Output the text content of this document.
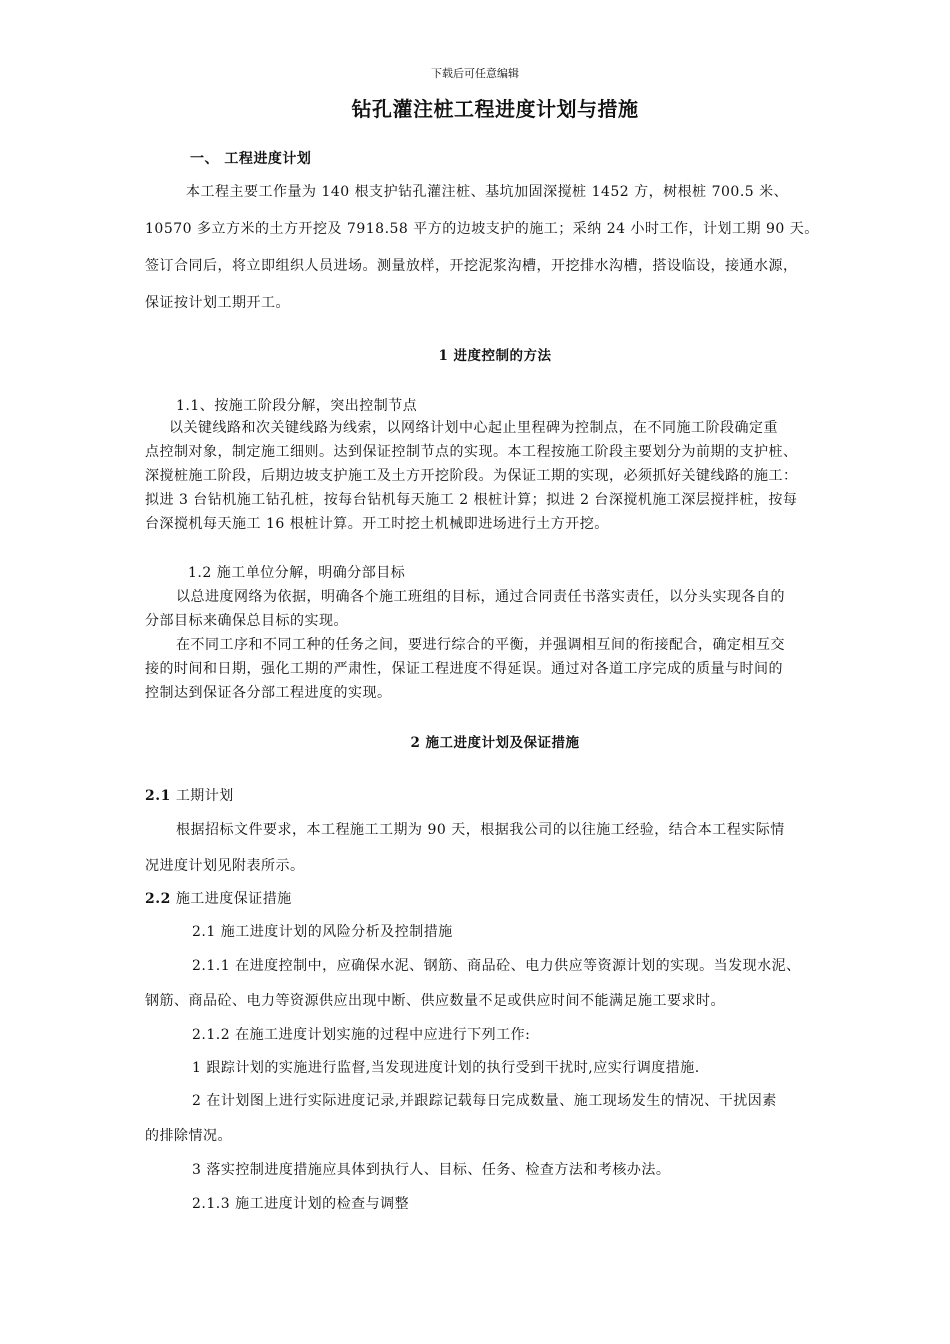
下载后可任意编辑
钻孔灌注桩工程进度计划与措施
一、 工程进度计划
本工程主要工作量为 140 根支护钻孔灌注桩、基坑加固深搅桩 1452 方，树根桩 700.5 米、
10570 多立方米的土方开挖及 7918.58 平方的边坡支护的施工；采纳 24 小时工作，计划工期 90 天。
签订合同后，将立即组织人员进场。测量放样，开挖泥浆沟槽，开挖排水沟槽，搭设临设，接通水源，
保证按计划工期开工。
1 进度控制的方法
1.1、按施工阶段分解，突出控制节点
以关键线路和次关键线路为线索，以网络计划中心起止里程碑为控制点，在不同施工阶段确定重
点控制对象，制定施工细则。达到保证控制节点的实现。本工程按施工阶段主要划分为前期的支护桩、
深搅桩施工阶段，后期边坡支护施工及土方开挖阶段。为保证工期的实现，必须抓好关键线路的施工：
拟进 3 台钻机施工钻孔桩，按每台钻机每天施工 2 根桩计算；拟进 2 台深搅机施工深层搅拌桩，按每
台深搅机每天施工 16 根桩计算。开工时挖土机械即进场进行土方开挖。
1.2 施工单位分解，明确分部目标
以总进度网络为依据，明确各个施工班组的目标，通过合同责任书落实责任，以分头实现各自的
分部目标来确保总目标的实现。
在不同工序和不同工种的任务之间，要进行综合的平衡，并强调相互间的衔接配合，确定相互交
接的时间和日期，强化工期的严肃性，保证工程进度不得延误。通过对各道工序完成的质量与时间的
控制达到保证各分部工程进度的实现。
2 施工进度计划及保证措施
2.1 工期计划
根据招标文件要求，本工程施工工期为 90 天，根据我公司的以往施工经验，结合本工程实际情
况进度计划见附表所示。
2.2 施工进度保证措施
2.1 施工进度计划的风险分析及控制措施
2.1.1 在进度控制中，应确保水泥、钢筋、商品砼、电力供应等资源计划的实现。当发现水泥、
钢筋、商品砼、电力等资源供应出现中断、供应数量不足或供应时间不能满足施工要求时。
2.1.2 在施工进度计划实施的过程中应进行下列工作:
1 跟踪计划的实施进行监督,当发现进度计划的执行受到干扰时,应实行调度措施.
2 在计划图上进行实际进度记录,并跟踪记载每日完成数量、施工现场发生的情况、干扰因素
的排除情况。
3 落实控制进度措施应具体到执行人、目标、任务、检查方法和考核办法。
2.1.3 施工进度计划的检查与调整
